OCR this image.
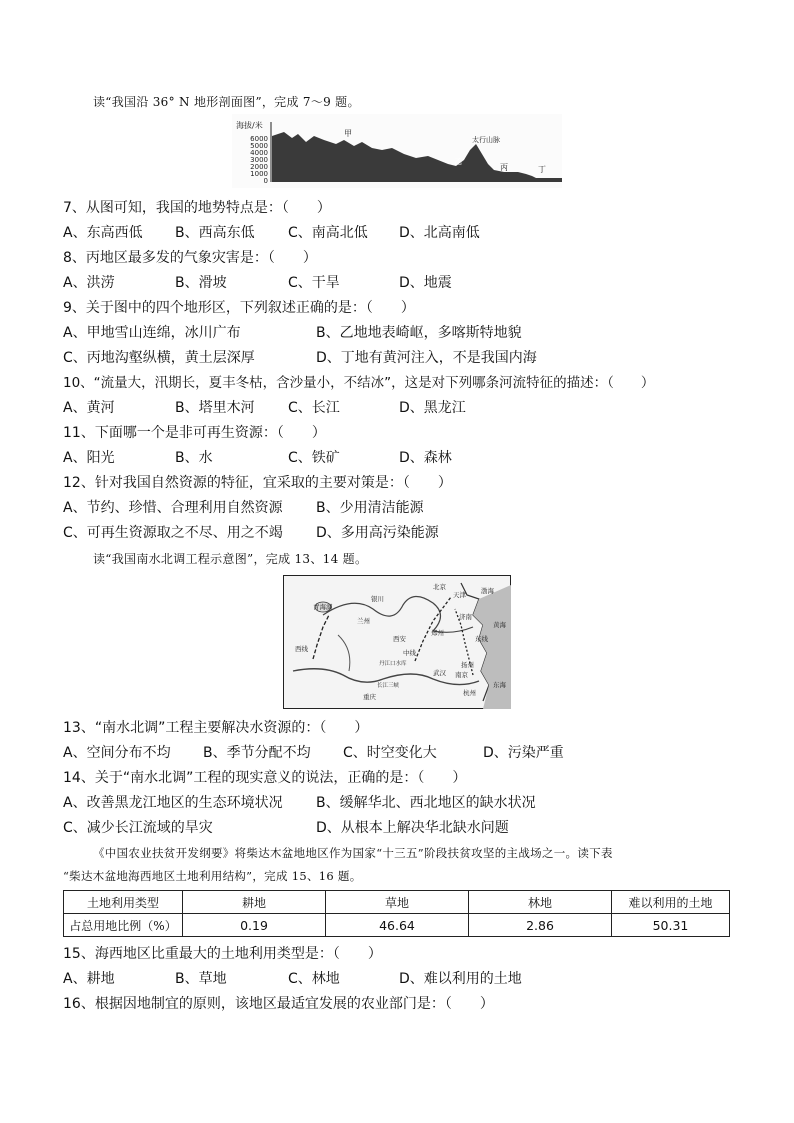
读“我国沿 36° N 地形剖面图”，完成 7～9 题。
海拔/米
6000
5000
4000
3000
2000
1000
0
甲
乙
太行山脉
丙	丁
7、从图可知，我国的地势特点是：（　　）
A、东高西低 B、西高东低 C、南高北低 D、北高南低
8、丙地区最多发的气象灾害是：（　　）
A、洪涝	B、滑坡	C、干旱	D、地震
9、关于图中的四个地形区，下列叙述正确的是：（　　）
A、甲地雪山连绵，冰川广布	B、乙地地表崎岖，多喀斯特地貌
C、丙地沟壑纵横，黄土层深厚	D、丁地有黄河注入，不是我国内海
10、“流量大，汛期长，夏丰冬枯，含沙量小，不结冰”，这是对下列哪条河流特征的描述：（　　）
A、黄河	B、塔里木河 C、长江	D、黑龙江
11、下面哪一个是非可再生资源：（　　）
A、阳光	B、水	C、铁矿	D、森林
12、针对我国自然资源的特征，宜采取的主要对策是：（　　）
A、节约、珍惜、合理利用自然资源 B、少用清洁能源
C、可再生资源取之不尽、用之不竭 D、多用高污染能源
读“我国南水北调工程示意图”，完成 13、14 题。
北京
天津 渤海
青海湖
银川
济南
兰州	黄海
西安
郑州
西线	中线
东线
丹江口水库
武汉
长江三峡
扬州
南京
重庆	杭州
东海
13、“南水北调”工程主要解决水资源的：（　　）
A、空间分布不均 B、季节分配不均 C、时空变化大	D、污染严重
14、关于“南水北调”工程的现实意义的说法，正确的是：（　　）
A、改善黑龙江地区的生态环境状况 B、缓解华北、西北地区的缺水状况
C、减少长江流域的旱灾	D、从根本上解决华北缺水问题
《中国农业扶贫开发纲要》将柴达木盆地地区作为国家“十三五”阶段扶贫攻坚的主战场之一。读下表
“柴达木盆地海西地区土地利用结构”，完成 15、16 题。
土地利用类型	耕地	草地	林地	难以利用的土地
占总用地比例（%）	0.19	46.64	2.86	50.31
15、海西地区比重最大的土地利用类型是：（　　）
A、耕地	B、草地	C、林地	D、难以利用的土地
16、根据因地制宜的原则，该地区最适宜发展的农业部门是：（　　）
